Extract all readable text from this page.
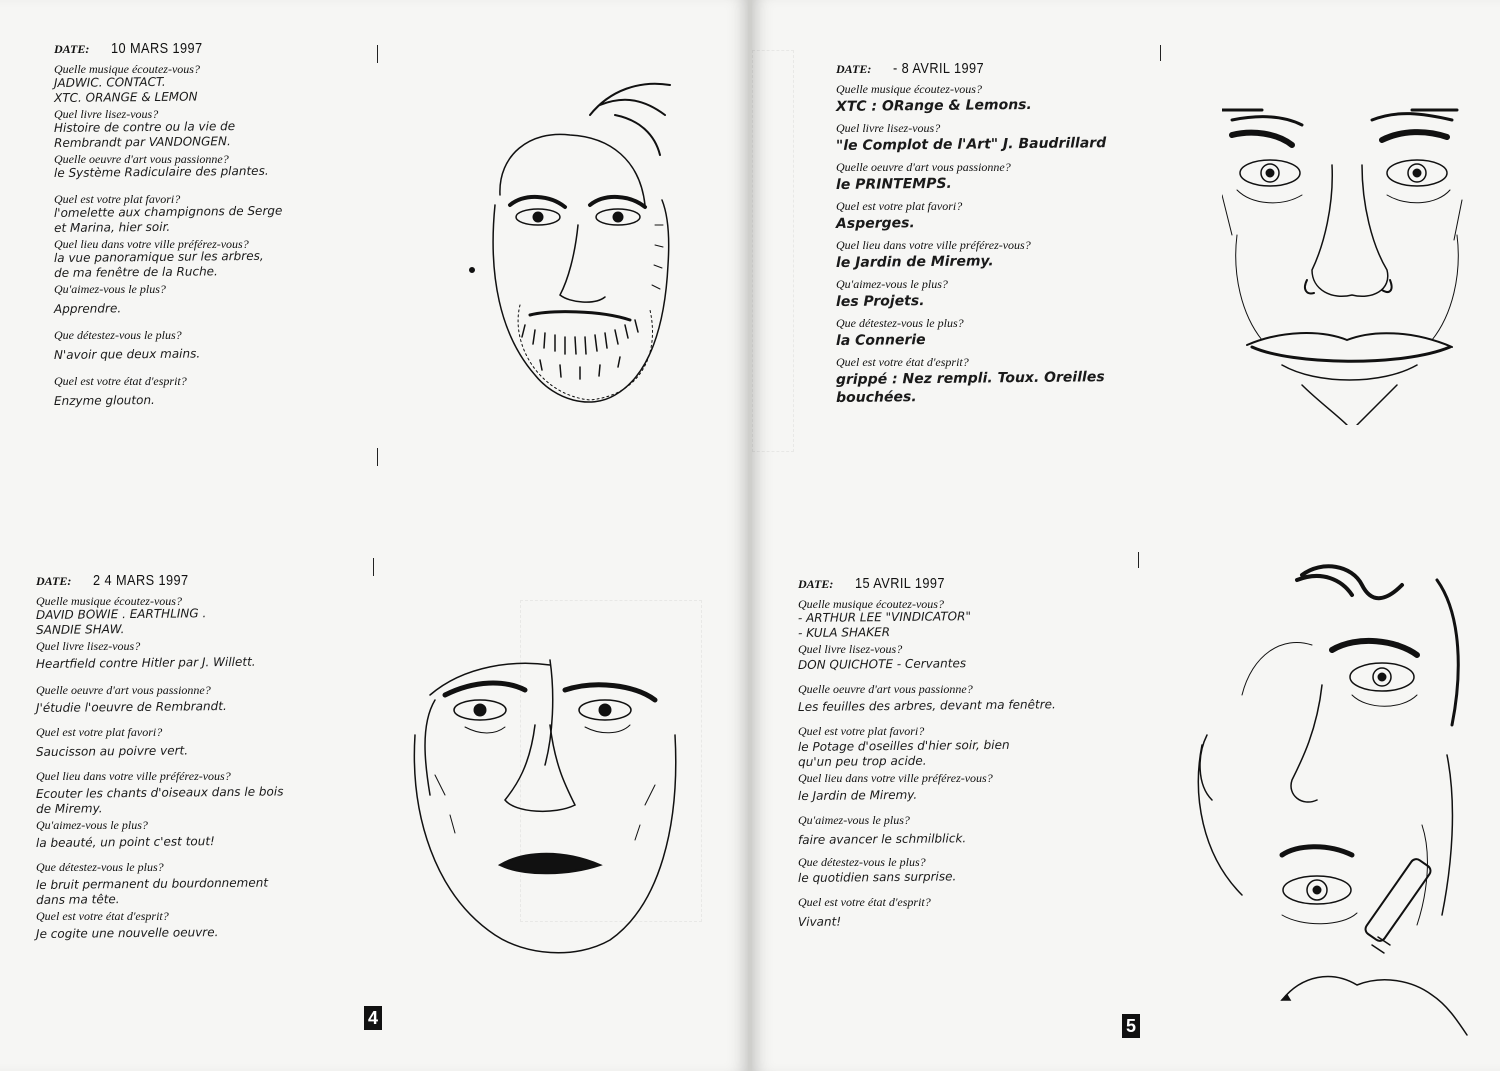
DATE: 10 MARS 1997
Quelle musique écoutez-vous?
JADWIC. CONTACT.
XTC. ORANGE & LEMON
Quel livre lisez-vous?
Histoire de contre ou la vie de
Rembrandt par VANDONGEN.
Quelle oeuvre d'art vous passionne?
le Système Radiculaire des plantes.
Quel est votre plat favori?
l'omelette aux champignons de Serge
et Marina, hier soir.
Quel lieu dans votre ville préférez-vous?
la vue panoramique sur les arbres,
de ma fenêtre de la Ruche.
Qu'aimez-vous le plus?
Apprendre.
Que détestez-vous le plus?
N'avoir que deux mains.
Quel est votre état d'esprit?
Enzyme glouton.
DATE: 2 4 MARS 1997
Quelle musique écoutez-vous?
DAVID BOWIE . EARTHLING .
SANDIE SHAW.
Quel livre lisez-vous?
Heartfield contre Hitler par J. Willett.
Quelle oeuvre d'art vous passionne?
J'étudie l'oeuvre de Rembrandt.
Quel est votre plat favori?
Saucisson au poivre vert.
Quel lieu dans votre ville préférez-vous?
Ecouter les chants d'oiseaux dans le bois
de Miremy.
Qu'aimez-vous le plus?
la beauté, un point c'est tout!
Que détestez-vous le plus?
le bruit permanent du bourdonnement
dans ma tête.
Quel est votre état d'esprit?
Je cogite une nouvelle oeuvre.
4
DATE: - 8 AVRIL 1997
Quelle musique écoutez-vous?
XTC : ORange & Lemons.
Quel livre lisez-vous?
"le Complot de l'Art" J. Baudrillard
Quelle oeuvre d'art vous passionne?
le PRINTEMPS.
Quel est votre plat favori?
Asperges.
Quel lieu dans votre ville préférez-vous?
le Jardin de Miremy.
Qu'aimez-vous le plus?
les Projets.
Que détestez-vous le plus?
la Connerie
Quel est votre état d'esprit?
grippé : Nez rempli. Toux. Oreilles
bouchées.
DATE: 15 AVRIL 1997
Quelle musique écoutez-vous?
- ARTHUR LEE "VINDICATOR"
- KULA SHAKER
Quel livre lisez-vous?
DON QUICHOTE - Cervantes
Quelle oeuvre d'art vous passionne?
Les feuilles des arbres, devant ma fenêtre.
Quel est votre plat favori?
le Potage d'oseilles d'hier soir, bien
qu'un peu trop acide.
Quel lieu dans votre ville préférez-vous?
le Jardin de Miremy.
Qu'aimez-vous le plus?
faire avancer le schmilblick.
Que détestez-vous le plus?
le quotidien sans surprise.
Quel est votre état d'esprit?
Vivant!
5
